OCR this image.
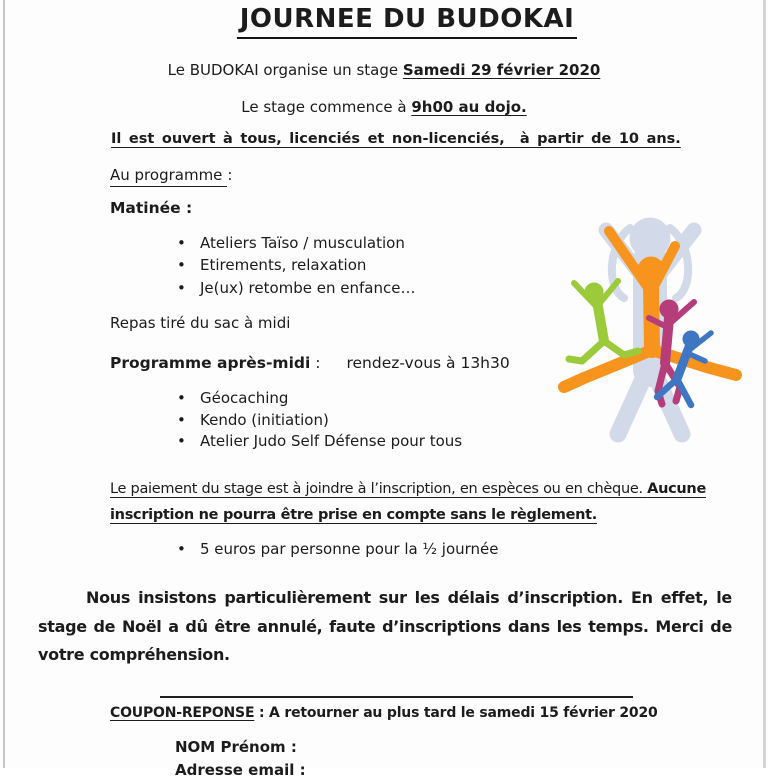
JOURNEE DU BUDOKAI
Le BUDOKAI organise un stage Samedi 29 février 2020
Le stage commence à 9h00 au dojo.
Il est ouvert à tous, licenciés et non-licenciés,  à partir de 10 ans.
Au programme :
Matinée :
• Ateliers Taïso / musculation
• Etirements, relaxation
• Je(ux) retombe en enfance…
Repas tiré du sac à midi
Programme après-midi : rendez-vous à 13h30
• Géocaching
• Kendo (initiation)
• Atelier Judo Self Défense pour tous
Le paiement du stage est à joindre à l’inscription, en espèces ou en chèque. Aucune inscription ne pourra être prise en compte sans le règlement.
• 5 euros par personne pour la ½ journée
Nous insistons particulièrement sur les délais d’inscription. En effet, le stage de Noël a dû être annulé, faute d’inscriptions dans les temps. Merci de votre compréhension.
COUPON-REPONSE : A retourner au plus tard le samedi 15 février 2020
NOM Prénom :
Adresse email :
